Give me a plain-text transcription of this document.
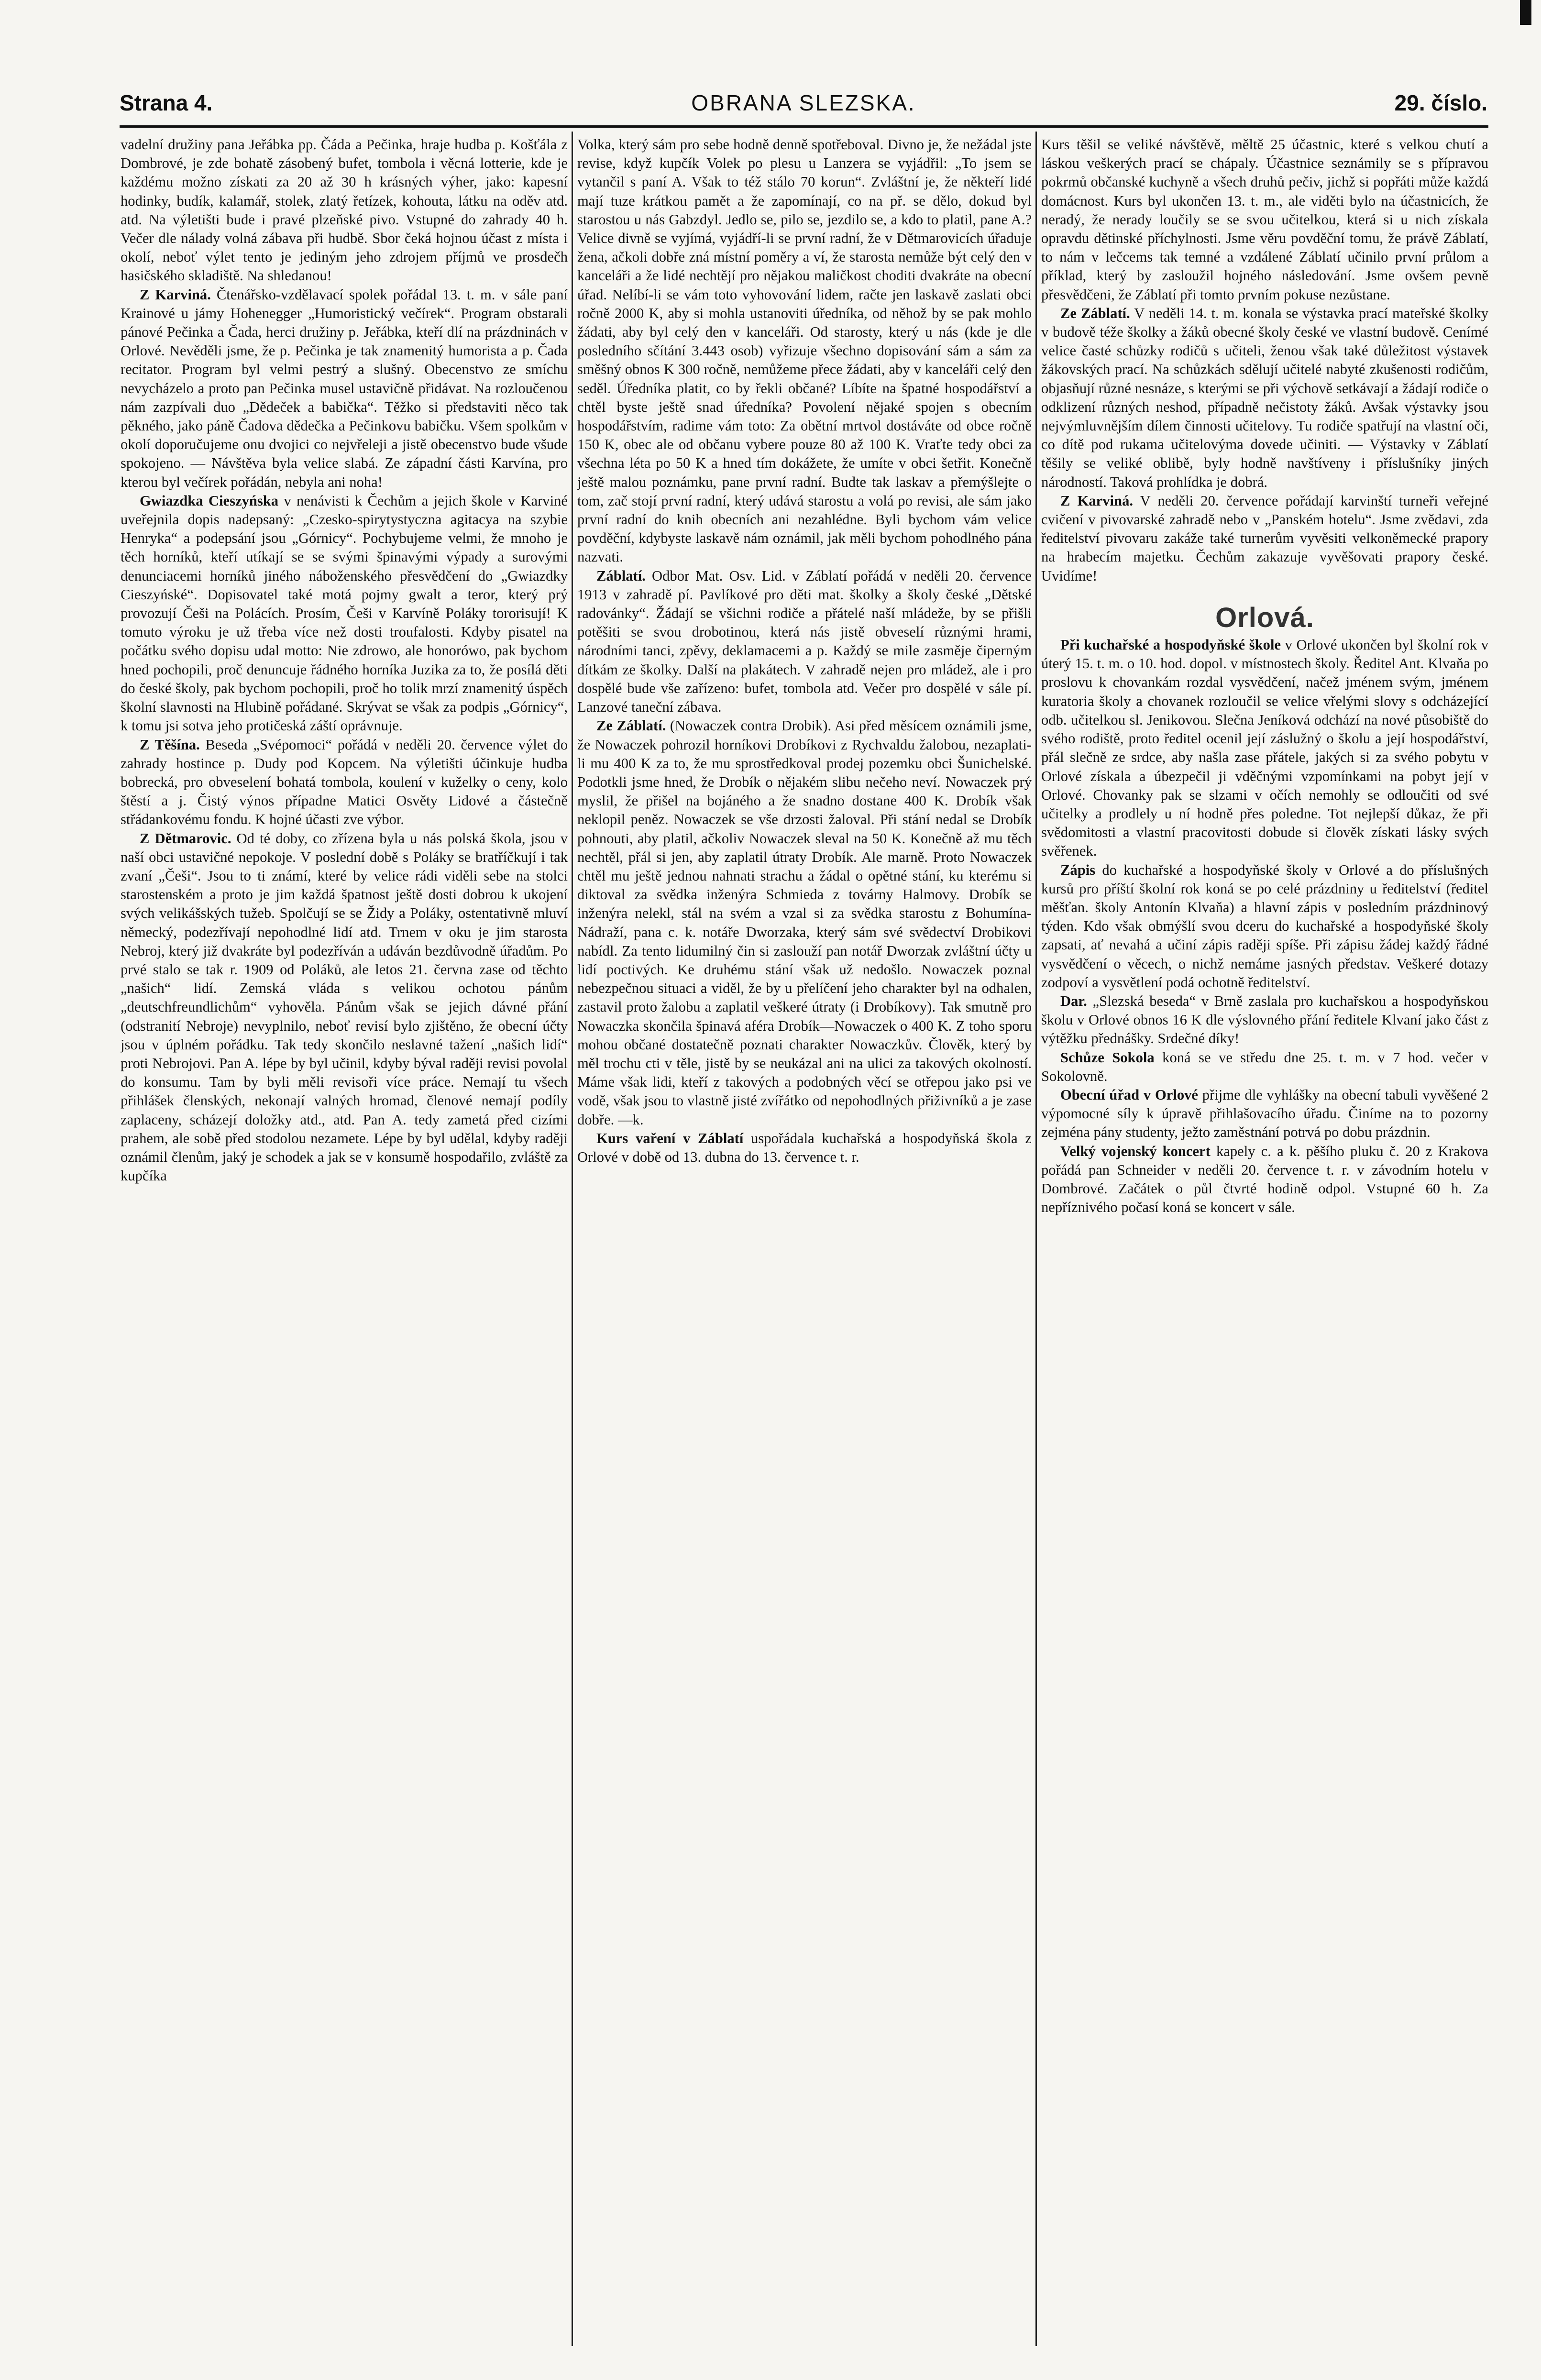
Strana 4.	OBRANA SLEZSKA.	29. číslo.

vadelní družiny pana Jeřábka pp. Čáda a Pečinka, hraje hudba p. Košťála z Dombrové, je zde bohatě zásobený bufet, tombola i věcná lotterie, kde je každému možno získati za 20 až 30 h krásných výher, jako: kapesní hodinky, budík, kalamář, stolek, zlatý řetízek, kohouta, látku na oděv atd. atd. Na výletišti bude i pravé plzeňské pivo. Vstupné do zahrady 40 h. Večer dle nálady volná zábava při hudbě. Sbor čeká hojnou účast z místa i okolí, neboť výlet tento je jediným jeho zdrojem příjmů ve prosdečh hasičského skladiště. Na shledanou!

Z Karviná. Čtenářsko-vzdělavací spolek pořádal 13. t. m. v sále paní Krainové u jámy Hohenegger „Humoristický večírek“. Program obstarali pánové Pečinka a Čada, herci družiny p. Jeřábka, kteří dlí na prázdninách v Orlové. Nevěděli jsme, že p. Pečinka je tak znamenitý humorista a p. Čada recitator. Program byl velmi pestrý a slušný. Obecenstvo ze smíchu nevycházelo a proto pan Pečinka musel ustavičně přidávat. Na rozloučenou nám zazpívali duo „Dědeček a babička“. Těžko si představiti něco tak pěkného, jako páně Čadova dědečka a Pečinkovu babičku. Všem spolkům v okolí doporučujeme onu dvojici co nejvřeleji a jistě obecenstvo bude všude spokojeno. — Návštěva byla velice slabá. Ze západní části Karvína, pro kterou byl večírek pořádán, nebyla ani noha!

Gwiazdka Cieszyńska v nenávisti k Čechům a jejich škole v Karviné uveřejnila dopis nadepsaný: „Czesko-spirytystyczna agitacya na szybie Henryka“ a podepsání jsou „Górnicy“. Pochybujeme velmi, že mnoho je těch horníků, kteří utíkají se se svými špinavými výpady a surovými denunciacemi horníků jiného náboženského přesvědčení do „Gwiazdky Cieszyńské“. Dopisovatel také motá pojmy gwalt a teror, který prý provozují Češi na Polácích. Prosím, Češi v Karvíně Poláky tororisují! K tomuto výroku je už třeba více než dosti troufalosti. Kdyby pisatel na počátku svého dopisu udal motto: Nie zdrowo, ale honorówo, pak bychom hned pochopili, proč denuncuje řádného horníka Juzika za to, že posílá děti do české školy, pak bychom pochopili, proč ho tolik mrzí znamenitý úspěch školní slavnosti na Hlubině pořádané. Skrývat se však za podpis „Górnicy“, k tomu jsi sotva jeho protičeská záští oprávnuje.

Z Těšína. Beseda „Svépomoci“ pořádá v neděli 20. července výlet do zahrady hostince p. Dudy pod Kopcem. Na výletišti účinkuje hudba bobrecká, pro obveselení bohatá tombola, koulení v kuželky o ceny, kolo štěstí a j. Čistý výnos případne Matici Osvěty Lidové a částečně střádankovému fondu. K hojné účasti zve výbor.

Z Dětmarovic. Od té doby, co zřízena byla u nás polská škola, jsou v naší obci ustavičné nepokoje. V poslední době s Poláky se bratříčkují i tak zvaní „Češi“. Jsou to ti známí, které by velice rádi viděli sebe na stolci starostenském a proto je jim každá špatnost ještě dosti dobrou k ukojení svých velikášských tužeb. Spolčují se se Židy a Poláky, ostentativně mluví německý, podezřívají nepohodlné lidí atd. Trnem v oku je jim starosta Nebroj, který již dvakráte byl podezříván a udáván bezdůvodně úřadům. Po prvé stalo se tak r. 1909 od Poláků, ale letos 21. června zase od těchto „našich“ lidí. Zemská vláda s velikou ochotou pánům „deutschfreundlichům“ vyhověla. Pánům však se jejich dávné přání (odstranití Nebroje) nevyplnilo, neboť revisí bylo zjištěno, že obecní účty jsou v úplném pořádku. Tak tedy skončilo neslavné tažení „našich lidí“ proti Nebrojovi. Pan A. lépe by byl učinil, kdyby býval raději revisi povolal do konsumu. Tam by byli měli revisoři více práce. Nemají tu všech přihlášek členských, nekonají valných hromad, členové nemají podíly zaplaceny, scházejí doložky atd., atd. Pan A. tedy zametá před cizími prahem, ale sobě před stodolou nezamete. Lépe by byl udělal, kdyby raději oznámil členům, jaký je schodek a jak se v konsumě hospodařilo, zvláště za kupčíka

Volka, který sám pro sebe hodně denně spotřeboval. Divno je, že nežádal jste revise, když kupčík Volek po plesu u Lanzera se vyjádřil: „To jsem se vytančil s paní A. Však to též stálo 70 korun“. Zvláštní je, že někteří lidé mají tuze krátkou pamět a že zapomínají, co na př. se dělo, dokud byl starostou u nás Gabzdyl. Jedlo se, pilo se, jezdilo se, a kdo to platil, pane A.? Velice divně se vyjímá, vyjádří-li se první radní, že v Dětmarovicích úřaduje žena, ačkoli dobře zná místní poměry a ví, že starosta nemůže být celý den v kanceláři a že lidé nechtějí pro nějakou maličkost choditi dvakráte na obecní úřad. Nelíbí-li se vám toto vyhovování lidem, račte jen laskavě zaslati obci ročně 2000 K, aby si mohla ustanoviti úředníka, od něhož by se pak mohlo žádati, aby byl celý den v kanceláři. Od starosty, který u nás (kde je dle posledního sčítání 3.443 osob) vyřizuje všechno dopisování sám a sám za směšný obnos K 300 ročně, nemůžeme přece žádati, aby v kanceláři celý den seděl. Úředníka platit, co by řekli občané? Líbíte na špatné hospodářství a chtěl byste ještě snad úředníka? Povolení nějaké spojen s obecním hospodářstvím, radime vám toto: Za obětní mrtvol dostáváte od obce ročně 150 K, obec ale od občanu vybere pouze 80 až 100 K. Vraťte tedy obci za všechna léta po 50 K a hned tím dokážete, že umíte v obci šetřit. Konečně ještě malou poznámku, pane první radní. Budte tak laskav a přemýšlejte o tom, zač stojí první radní, který udává starostu a volá po revisi, ale sám jako první radní do knih obecních ani nezahlédne. Byli bychom vám velice povděční, kdybyste laskavě nám oznámil, jak měli bychom pohodlného pána nazvati.

Záblatí. Odbor Mat. Osv. Lid. v Záblatí pořádá v neděli 20. července 1913 v zahradě pí. Pavlíkové pro děti mat. školky a školy české „Dětské radovánky“. Žádají se všichni rodiče a přátelé naší mládeže, by se přišli potěšiti se svou drobotinou, která nás jistě obveselí různými hrami, národními tanci, zpěvy, deklamacemi a p. Každý se mile zasměje čiperným dítkám ze školky. Další na plakátech. V zahradě nejen pro mládež, ale i pro dospělé bude vše zařízeno: bufet, tombola atd. Večer pro dospělé v sále pí. Lanzové taneční zábava.

Ze Záblatí. (Nowaczek contra Drobik). Asi před měsícem oznámili jsme, že Nowaczek pohrozil horníkovi Drobíkovi z Rychvaldu žalobou, nezaplati-li mu 400 K za to, že mu sprostředkoval prodej pozemku obci Šunichelské. Podotkli jsme hned, že Drobík o nějakém slibu nečeho neví. Nowaczek prý myslil, že přišel na bojáného a že snadno dostane 400 K. Drobík však neklopil peněz. Nowaczek se vše drzosti žaloval. Při stání nedal se Drobík pohnouti, aby platil, ačkoliv Nowaczek sleval na 50 K. Konečně až mu těch nechtěl, přál si jen, aby zaplatil útraty Drobík. Ale marně. Proto Nowaczek chtěl mu ještě jednou nahnati strachu a žádal o opětné stání, ku kterému si diktoval za svědka inženýra Schmieda z továrny Halmovy. Drobík se inženýra nelekl, stál na svém a vzal si za svědka starostu z Bohumína-Nádraží, pana c. k. notáře Dworzaka, který sám své svědectví Drobikovi nabídl. Za tento lidumilný čin si zaslouží pan notář Dworzak zvláštní účty u lidí poctivých. Ke druhému stání však už nedošlo. Nowaczek poznal nebezpečnou situaci a viděl, že by u přelíčení jeho charakter byl na odhalen, zastavil proto žalobu a zaplatil veškeré útraty (i Drobíkovy). Tak smutně pro Nowaczka skončila špinavá aféra Drobík—Nowaczek o 400 K. Z toho sporu mohou občané dostatečně poznati charakter Nowaczkův. Člověk, který by měl trochu cti v těle, jistě by se neukázal ani na ulici za takových okolností. Máme však lidi, kteří z takových a podobných věcí se otřepou jako psi ve vodě, však jsou to vlastně jisté zvířátko od nepohodlných přiživníků a je zase dobře. —k.

Kurs vaření v Záblatí uspořádala kuchařská a hospodyňská škola z Orlové v době od 13. dubna do 13. července t. r.

Kurs těšil se veliké návštěvě, měltě 25 účastnic, které s velkou chutí a láskou veškerých prací se chápaly. Účastnice seznámily se s přípravou pokrmů občanské kuchyně a všech druhů pečiv, jichž si popřáti může každá domácnost. Kurs byl ukončen 13. t. m., ale viděti bylo na účastnicích, že neradý, že nerady loučily se se svou učitelkou, která si u nich získala opravdu dětinské příchylnosti. Jsme věru povděční tomu, že právě Záblatí, to nám v lečcems tak temné a vzdálené Záblatí učinilo první průlom a příklad, který by zasloužil hojného následování. Jsme ovšem pevně přesvědčeni, že Záblatí při tomto prvním pokuse nezůstane.

Ze Záblatí. V neděli 14. t. m. konala se výstavka prací mateřské školky v budově téže školky a žáků obecné školy české ve vlastní budově. Cenímé velice časté schůzky rodičů s učiteli, ženou však také důležitost výstavek žákovských prací. Na schůzkách sdělují učitelé nabyté zkušenosti rodičům, objasňují různé nesnáze, s kterými se při výchově setkávají a žádají rodiče o odklizení různých neshod, případně nečistoty žáků. Avšak výstavky jsou nejvýmluvnějším dílem činnosti učitelovy. Tu rodiče spatřují na vlastní oči, co dítě pod rukama učitelovýma dovede učiniti. — Výstavky v Záblatí těšily se veliké oblibě, byly hodně navštíveny i příslušníky jiných národností. Taková prohlídka je dobrá.

Z Karviná. V neděli 20. července pořádají karvinští turneři veřejné cvičení v pivovarské zahradě nebo v „Panském hotelu“. Jsme zvědavi, zda ředitelství pivovaru zakáže také turnerům vyvěsiti velkoněmecké prapory na hrabecím majetku. Čechům zakazuje vyvěšovati prapory české. Uvidíme!

Orlová.

Při kuchařské a hospodyňské škole v Orlové ukončen byl školní rok v úterý 15. t. m. o 10. hod. dopol. v místnostech školy. Ředitel Ant. Klvaňa po proslovu k chovankám rozdal vysvědčení, načež jménem svým, jménem kuratoria školy a chovanek rozloučil se velice vřelými slovy s odcházející odb. učitelkou sl. Jenikovou. Slečna Jeníková odchází na nové působiště do svého rodiště, proto ředitel ocenil její záslužný o školu a její hospodářství, přál slečně ze srdce, aby našla zase přátele, jakých si za svého pobytu v Orlové získala a úbezpečil ji vděčnými vzpomínkami na pobyt její v Orlové. Chovanky pak se slzami v očích nemohly se odloučiti od své učitelky a prodlely u ní hodně přes poledne. Tot nejlepší důkaz, že při svědomitosti a vlastní pracovitosti dobude si člověk získati lásky svých svěřenek.

Zápis do kuchařské a hospodyňské školy v Orlové a do příslušných kursů pro příští školní rok koná se po celé prázdniny u ředitelství (ředitel měšťan. školy Antonín Klvaňa) a hlavní zápis v posledním prázdninový týden. Kdo však obmýšlí svou dceru do kuchařské a hospodyňské školy zapsati, ať nevahá a učiní zápis raději spíše. Při zápisu žádej každý řádné vysvědčení o věcech, o nichž nemáme jasných představ. Veškeré dotazy zodpoví a vysvětlení podá ochotně ředitelství.

Dar. „Slezská beseda“ v Brně zaslala pro kuchařskou a hospodyňskou školu v Orlové obnos 16 K dle výslovného přání ředitele Klvaní jako část z výtěžku přednášky. Srdečné díky!

Schůze Sokola koná se ve středu dne 25. t. m. v 7 hod. večer v Sokolovně.

Obecní úřad v Orlové přijme dle vyhlášky na obecní tabuli vyvěšené 2 výpomocné síly k úpravě přihlašovacího úřadu. Činíme na to pozorny zejména pány studenty, ježto zaměstnání potrvá po dobu prázdnin.

Velký vojenský koncert kapely c. a k. pěšího pluku č. 20 z Krakova pořádá pan Schneider v neděli 20. července t. r. v závodním hotelu v Dombrové. Začátek o půl čtvrté hodině odpol. Vstupné 60 h. Za nepříznivého počasí koná se koncert v sále.
